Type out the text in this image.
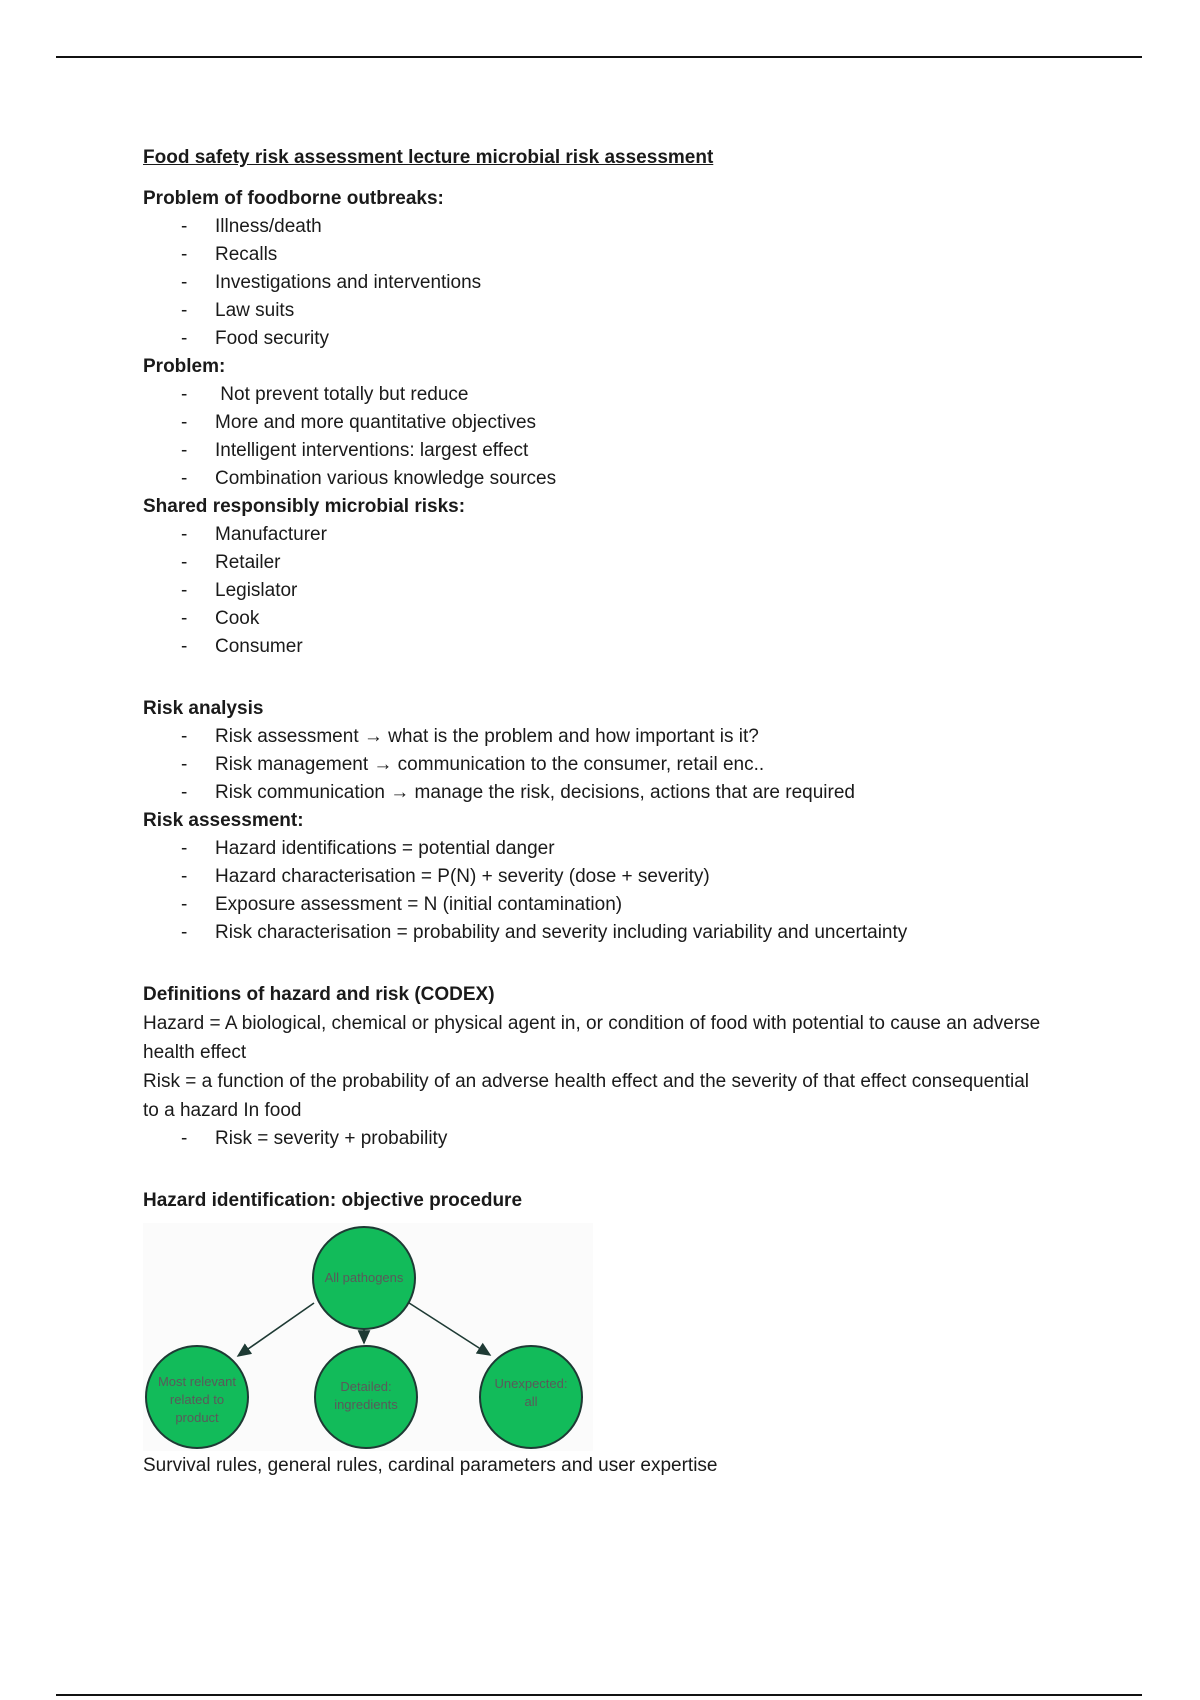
Food safety risk assessment lecture microbial risk assessment
Problem of foodborne outbreaks:
- Illness/death
- Recalls
- Investigations and interventions
- Law suits
- Food security
Problem:
-  Not prevent totally but reduce
- More and more quantitative objectives
- Intelligent interventions: largest effect
- Combination various knowledge sources
Shared responsibly microbial risks:
- Manufacturer
- Retailer
- Legislator
- Cook
- Consumer
Risk analysis
- Risk assessment → what is the problem and how important is it?
- Risk management → communication to the consumer, retail enc..
- Risk communication → manage the risk, decisions, actions that are required
Risk assessment:
- Hazard identifications = potential danger
- Hazard characterisation = P(N) + severity (dose + severity)
- Exposure assessment = N (initial contamination)
- Risk characterisation = probability and severity including variability and uncertainty
Definitions of hazard and risk (CODEX)

Hazard = A biological, chemical or physical agent in, or condition of food with potential to cause an adverse health effect

Risk = a function of the probability of an adverse health effect and the severity of that effect consequential to a hazard In food

- Risk = severity + probability
Hazard identification: objective procedure
All pathogens
Most relevant
related to
product
Detailed:
ingredients
Unexpected:
all

Survival rules, general rules, cardinal parameters and user expertise
